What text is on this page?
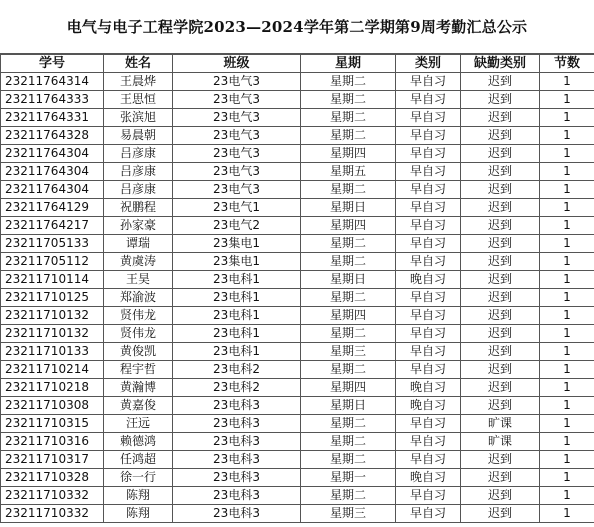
电气与电子工程学院2023—2024学年第二学期第9周考勤汇总公示
学号	姓名	班级	星期	类别	缺勤类别	节数
23211764314	王晨烨	23电气3	星期二	早自习	迟到	1
23211764333	王思恒	23电气3	星期二	早自习	迟到	1
23211764331	张滨旭	23电气3	星期二	早自习	迟到	1
23211764328	易晨朝	23电气3	星期二	早自习	迟到	1
23211764304	吕彦康	23电气3	星期四	早自习	迟到	1
23211764304	吕彦康	23电气3	星期五	早自习	迟到	1
23211764304	吕彦康	23电气3	星期二	早自习	迟到	1
23211764129	祝鹏程	23电气1	星期日	早自习	迟到	1
23211764217	孙家豪	23电气2	星期四	早自习	迟到	1
23211705133	谭瑞	23集电1	星期二	早自习	迟到	1
23211705112	黄虞涛	23集电1	星期二	早自习	迟到	1
23211710114	王昊	23电科1	星期日	晚自习	迟到	1
23211710125	郑渝波	23电科1	星期二	早自习	迟到	1
23211710132	贤伟龙	23电科1	星期四	早自习	迟到	1
23211710132	贤伟龙	23电科1	星期二	早自习	迟到	1
23211710133	黄俊凯	23电科1	星期三	早自习	迟到	1
23211710214	程宇哲	23电科2	星期二	早自习	迟到	1
23211710218	黄瀚博	23电科2	星期四	晚自习	迟到	1
23211710308	黄嘉俊	23电科3	星期日	晚自习	迟到	1
23211710315	汪远	23电科3	星期二	早自习	旷课	1
23211710316	赖德鸿	23电科3	星期二	早自习	旷课	1
23211710317	任鸿超	23电科3	星期二	早自习	迟到	1
23211710328	徐一行	23电科3	星期一	晚自习	迟到	1
23211710332	陈翔	23电科3	星期二	早自习	迟到	1
23211710332	陈翔	23电科3	星期三	早自习	迟到	1
